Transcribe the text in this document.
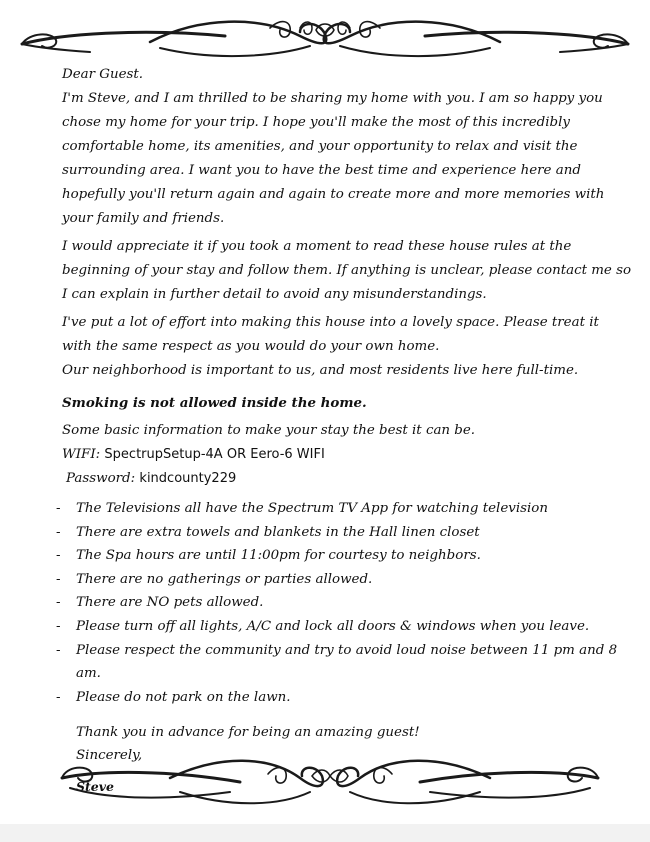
Dear Guest.

I'm Steve, and I am thrilled to be sharing my home with you. I am so happy you chose my home for your trip. I hope you'll make the most of this incredibly comfortable home, its amenities, and your opportunity to relax and visit the surrounding area. I want you to have the best time and experience here and hopefully you'll return again and again to create more and more memories with your family and friends.

I would appreciate it if you took a moment to read these house rules at the beginning of your stay and follow them. If anything is unclear, please contact me so I can explain in further detail to avoid any misunderstandings.

I've put a lot of effort into making this house into a lovely space. Please treat it with the same respect as you would do your own home.

Our neighborhood is important to us, and most residents live here full-time.

Smoking is not allowed inside the home.

Some basic information to make your stay the best it can be.

WIFI: SpectrupSetup-4A OR Eero-6 WIFI

Password: kindcounty229

- The Televisions all have the Spectrum TV App for watching television
- There are extra towels and blankets in the Hall linen closet
- The Spa hours are until 11:00pm for courtesy to neighbors.
- There are no gatherings or parties allowed.
- There are NO pets allowed.
- Please turn off all lights, A/C and lock all doors & windows when you leave.
- Please respect the community and try to avoid loud noise between 11 pm and 8 am.
- Please do not park on the lawn.

Thank you in advance for being an amazing guest!

Sincerely,

Steve
